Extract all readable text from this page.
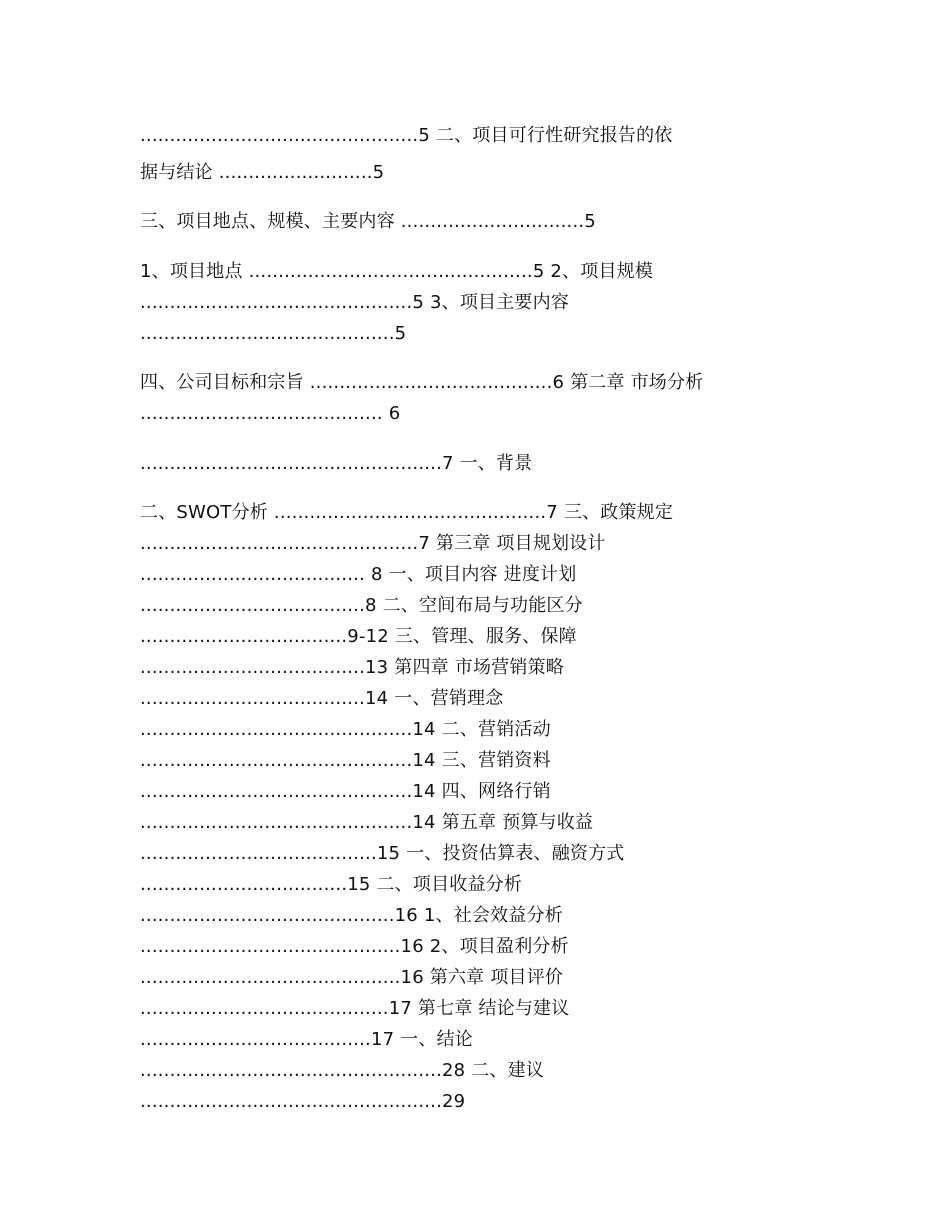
...............................................5 二、项目可行性研究报告的依
据与结论 ..........................5
三、项目地点、规模、主要内容 ...............................5
1、项目地点 ................................................5 2、项目规模
..............................................5 3、项目主要内容
...........................................5
四、公司目标和宗旨 .........................................6 第二章 市场分析
......................................... 6
...................................................7 一、背景
二、SWOT分析 ..............................................7 三、政策规定
...............................................7 第三章 项目规划设计
...................................... 8 一、项目内容 进度计划
......................................8 二、空间布局与功能区分
...................................9-12 三、管理、服务、保障
......................................13 第四章 市场营销策略
......................................14 一、营销理念
..............................................14 二、营销活动
..............................................14 三、营销资料
..............................................14 四、网络行销
..............................................14 第五章 预算与收益
........................................15 一、投资估算表、融资方式
...................................15 二、项目收益分析
...........................................16 1、社会效益分析
............................................16 2、项目盈利分析
............................................16 第六章 项目评价
..........................................17 第七章 结论与建议
.......................................17 一、结论
...................................................28 二、建议
...................................................29
